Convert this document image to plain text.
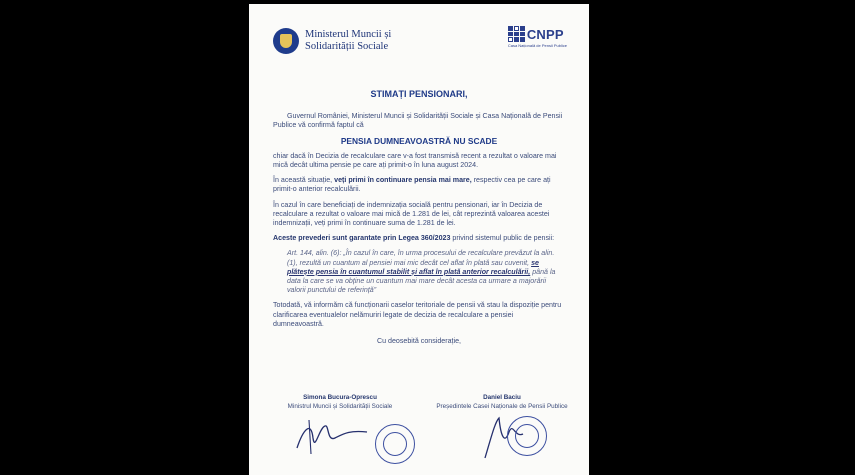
Ministerul Muncii și
Solidarității Sociale
CNPP
Casa Națională de Pensii Publice
STIMAȚI PENSIONARI,

Guvernul României, Ministerul Muncii și Solidarității Sociale și Casa Națională de Pensii Publice vă confirmă faptul că

PENSIA DUMNEAVOASTRĂ NU SCADE

chiar dacă în Decizia de recalculare care v-a fost transmisă recent a rezultat o valoare mai mică decât ultima pensie pe care ați primit-o în luna august 2024.

În această situație, veți primi în continuare pensia mai mare, respectiv cea pe care ați primit-o anterior recalculării.

În cazul în care beneficiați de indemnizația socială pentru pensionari, iar în Decizia de recalculare a rezultat o valoare mai mică de 1.281 de lei, cât reprezintă valoarea acestei indemnizații, veți primi în continuare suma de 1.281 de lei.

Aceste prevederi sunt garantate prin Legea 360/2023 privind sistemul public de pensii:

Art. 144, alin. (6): „În cazul în care, în urma procesului de recalculare prevăzut la alin. (1), rezultă un cuantum al pensiei mai mic decât cel aflat în plată sau cuvenit, se plătește pensia în cuantumul stabilit și aflat în plată anterior recalculării, până la data la care se va obține un cuantum mai mare decât acesta ca urmare a majorării valorii punctului de referință”

Totodată, vă informăm că funcționarii caselor teritoriale de pensii vă stau la dispoziție pentru clarificarea eventualelor nelămuriri legate de decizia de recalculare a pensiei dumneavoastră.

Cu deosebită considerație,
Simona Bucura-Oprescu
Ministrul Muncii și Solidarității Sociale
Daniel Baciu
Președintele Casei Naționale de Pensii Publice
